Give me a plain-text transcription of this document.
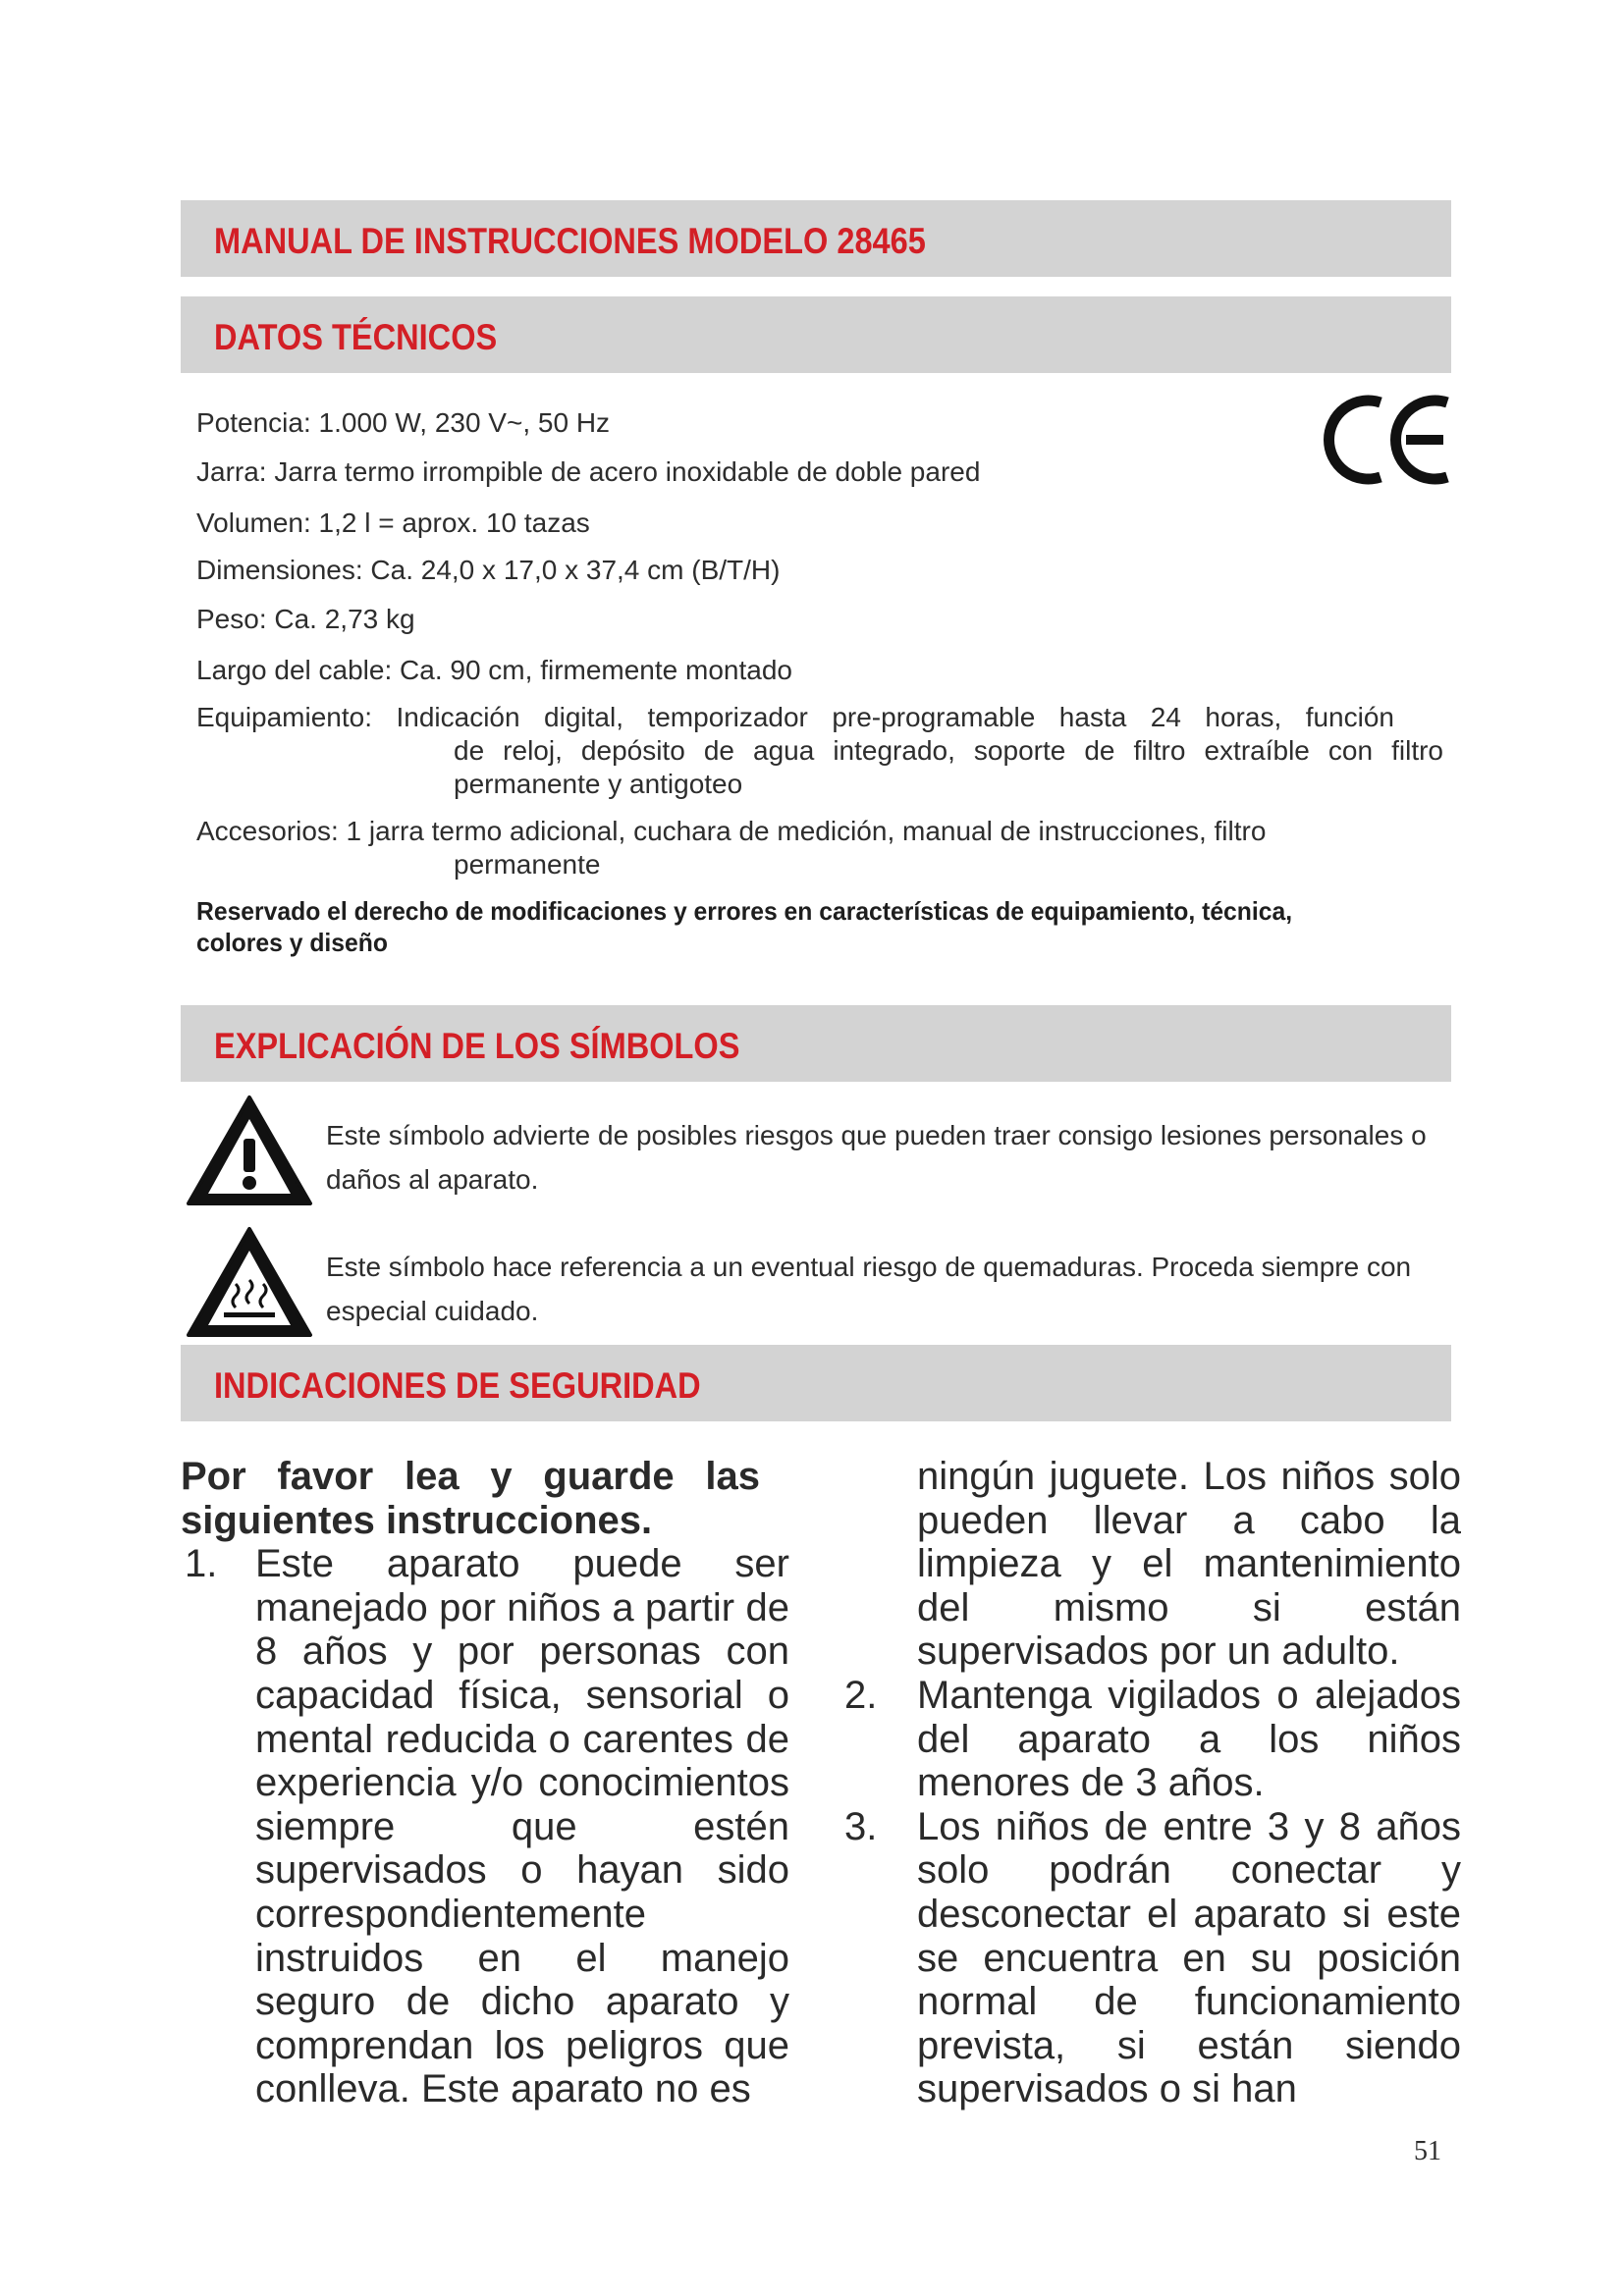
MANUAL DE INSTRUCCIONES MODELO 28465
DATOS TÉCNICOS
Potencia: 1.000 W, 230 V~, 50 Hz
Jarra: Jarra termo irrompible de acero inoxidable de doble pared
Volumen: 1,2 l = aprox. 10 tazas
Dimensiones: Ca. 24,0 x 17,0 x 37,4 cm (B/T/H)
Peso: Ca. 2,73 kg
Largo del cable: Ca. 90 cm, firmemente montado
Equipamiento: Indicación digital, temporizador pre-programable hasta 24 horas, función
de reloj, depósito de agua integrado, soporte de filtro extraíble con filtro permanente y antigoteo
Accesorios: 1 jarra termo adicional, cuchara de medición, manual de instrucciones, filtro
permanente
Reservado el derecho de modificaciones y errores en características de equipamiento, técnica, colores y diseño
EXPLICACIÓN DE LOS SÍMBOLOS
Este símbolo advierte de posibles riesgos que pueden traer consigo lesiones personales o daños al aparato.
Este símbolo hace referencia a un eventual riesgo de quemaduras. Proceda siempre con especial cuidado.
INDICACIONES DE SEGURIDAD

Por favor lea y guarde las siguientes instrucciones.

1. Este aparato puede ser manejado por niños a partir de 8 años y por personas con capacidad física, sensorial o mental reducida o carentes de experiencia y/o conocimientos siempre que estén supervisados o hayan sido correspondientemente instruidos en el manejo seguro de dicho aparato y comprendan los peligros que conlleva. Este aparato no es
ningún juguete. Los niños solo pueden llevar a cabo la limpieza y el mantenimiento del mismo si están supervisados por un adulto.
2. Mantenga vigilados o alejados del aparato a los niños menores de 3 años.
3. Los niños de entre 3 y 8 años solo podrán conectar y desconectar el aparato si este se encuentra en su posición normal de funcionamiento prevista, si están siendo supervisados o si han
51
